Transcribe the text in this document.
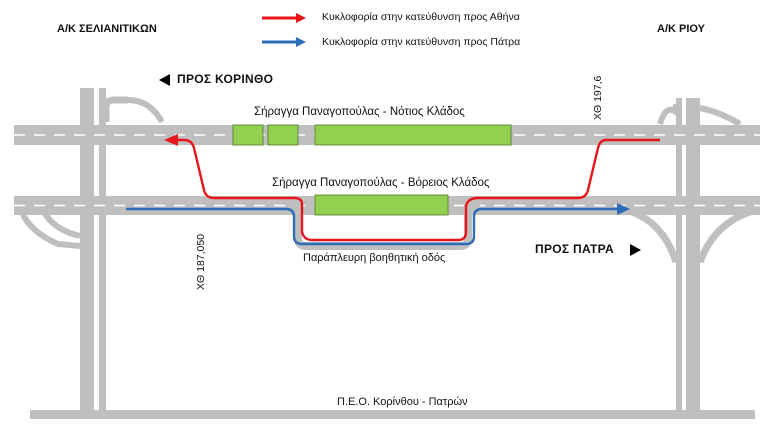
Α/Κ ΣΕΛΙΑΝΙΤΙΚΩΝ	Α/Κ ΡΙΟΥ
Κυκλοφορία στην κατεύθυνση προς Αθήνα
Κυκλοφορία στην κατεύθυνση προς Πάτρα
ΠΡΟΣ ΚΟΡΙΝΘΟ
ΠΡΟΣ ΠΑΤΡΑ
Σήραγγα Παναγοπούλας - Νότιος Κλάδος
Σήραγγα Παναγοπούλας - Βόρειος Κλάδος
Παράπλευρη βοηθητική οδός
ΧΘ 197,6
ΧΘ 187,050
Π.Ε.Ο. Κορίνθου - Πατρών
